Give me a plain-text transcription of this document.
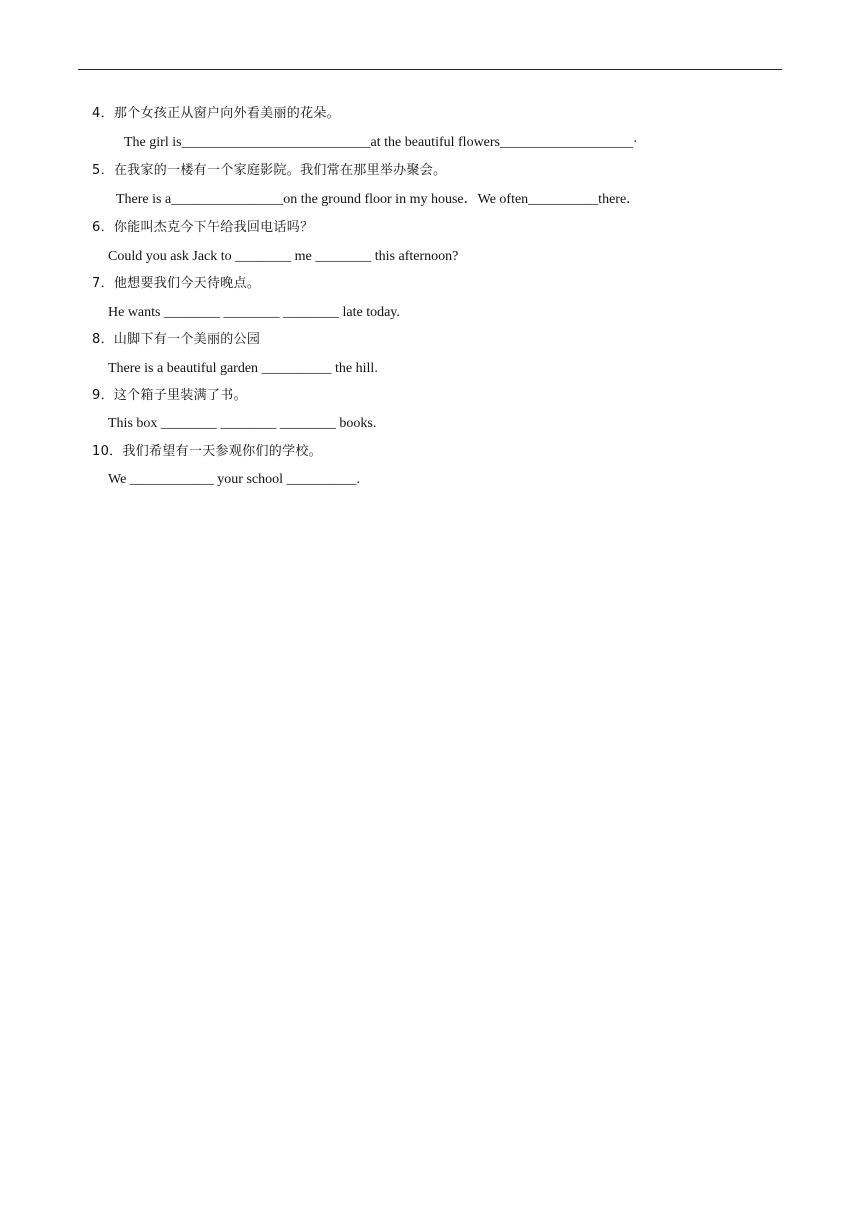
4．那个女孩正从窗户向外看美丽的花朵。
The girl is___________________________at the beautiful flowers___________________·
5．在我家的一楼有一个家庭影院。我们常在那里举办聚会。
There is a________________on the ground floor in my house．We often__________there．
6．你能叫杰克今下午给我回电话吗？
Could you ask Jack to ________ me ________ this afternoon?
7．他想要我们今天待晚点。
He wants ________ ________ ________ late today.
8．山脚下有一个美丽的公园
There is a beautiful garden __________ the hill.
9．这个箱子里装满了书。
This box ________ ________ ________ books.
10．我们希望有一天参观你们的学校。
We ____________ your school __________.
